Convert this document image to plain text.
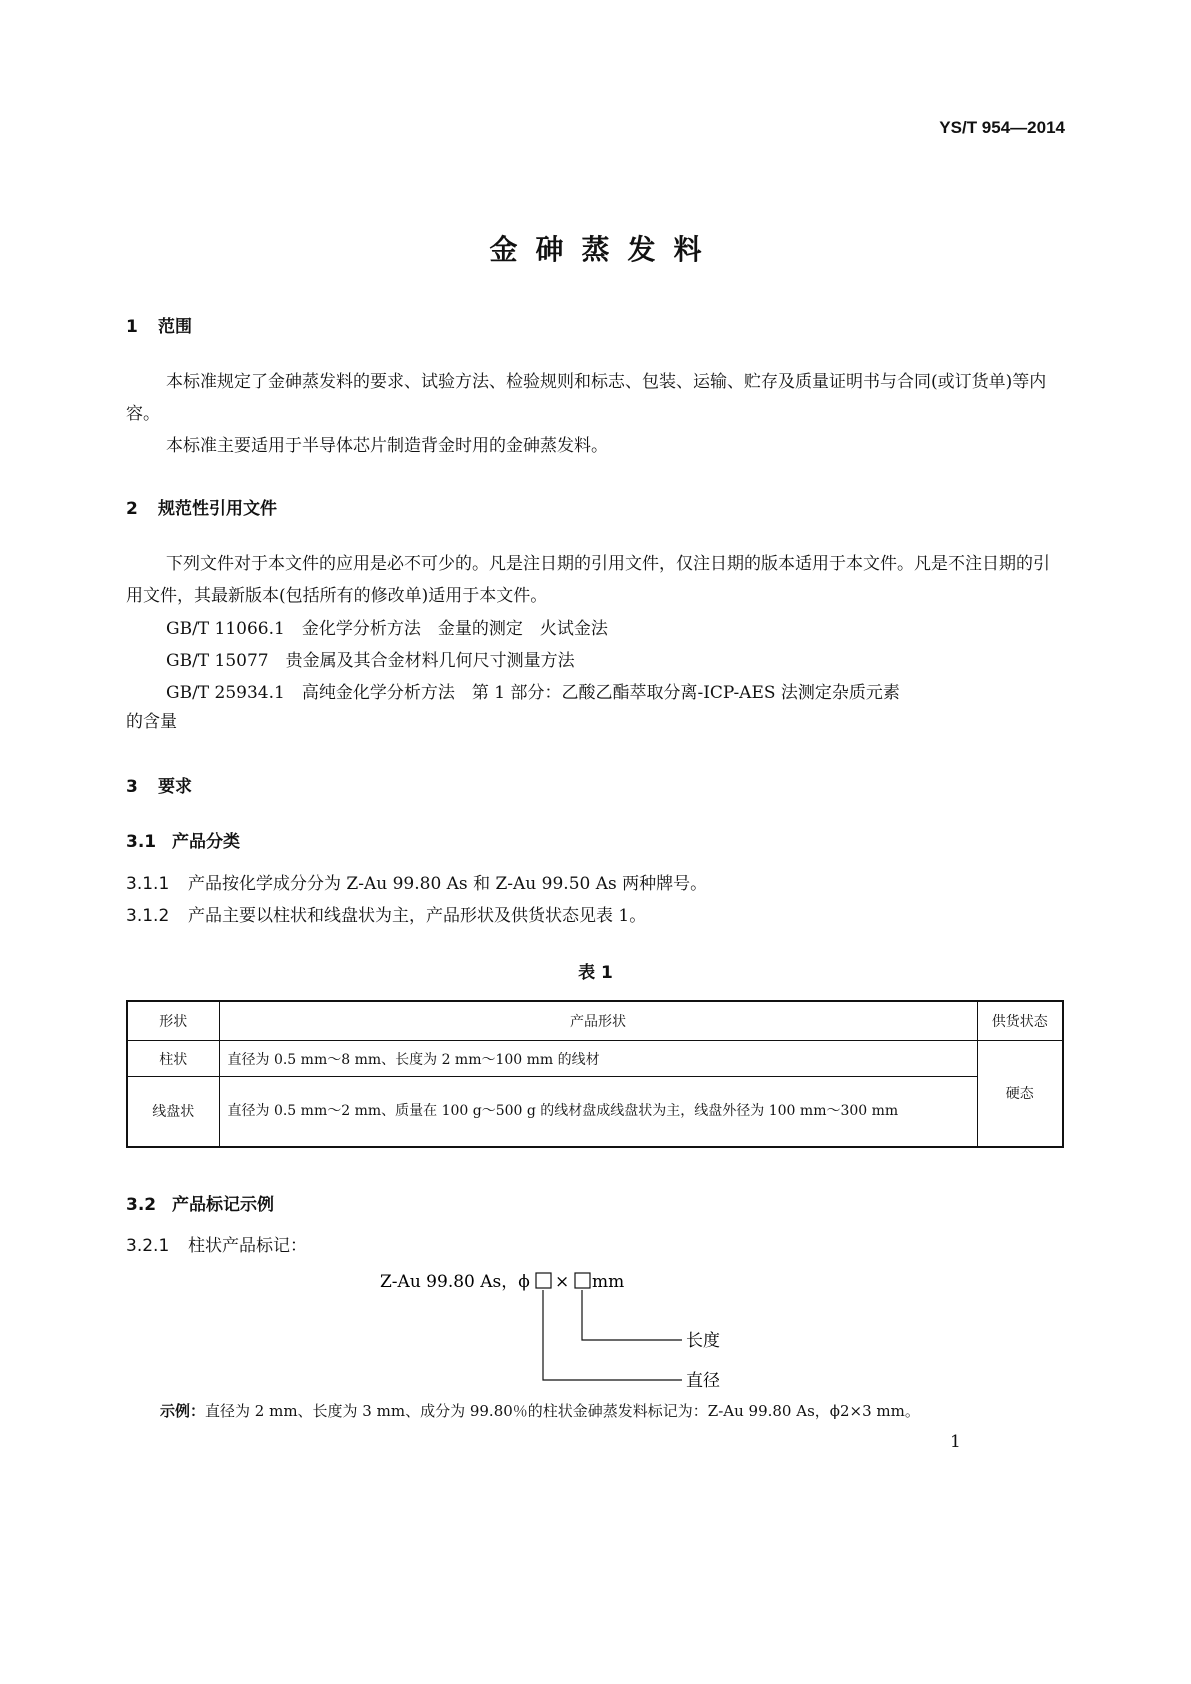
YS/T 954—2014
金砷蒸发料
1 范围
本标准规定了金砷蒸发料的要求、试验方法、检验规则和标志、包装、运输、贮存及质量证明书与合同(或订货单)等内容。
本标准主要适用于半导体芯片制造背金时用的金砷蒸发料。
2 规范性引用文件
下列文件对于本文件的应用是必不可少的。凡是注日期的引用文件，仅注日期的版本适用于本文件。凡是不注日期的引用文件，其最新版本(包括所有的修改单)适用于本文件。
GB/T 11066.1　 金化学分析方法　金量的测定　火试金法
GB/T 15077　 贵金属及其合金材料几何尺寸测量方法
GB/T 25934.1　 高纯金化学分析方法　第 1 部分：乙酸乙酯萃取分离-ICP-AES 法测定杂质元素
的含量
3 要求
3.1 产品分类
3.1.1 产品按化学成分分为 Z-Au 99.80 As 和 Z-Au 99.50 As 两种牌号。
3.1.2 产品主要以柱状和线盘状为主，产品形状及供货状态见表 1。
表 1
形状	产品形状	供货状态
柱状	直径为 0.5 mm～8 mm、长度为 2 mm～100 mm 的线材	硬态
线盘状	直径为 0.5 mm～2 mm、质量在 100 g～500 g 的线材盘成线盘状为主，线盘外径为 100 mm～300 mm	
3.2 产品标记示例
3.2.1 柱状产品标记：
Z-Au 99.80 As，ϕ × mm
长度
直径
示例：直径为 2 mm、长度为 3 mm、成分为 99.80％的柱状金砷蒸发料标记为：Z-Au 99.80 As，ϕ2×3 mm。
1
